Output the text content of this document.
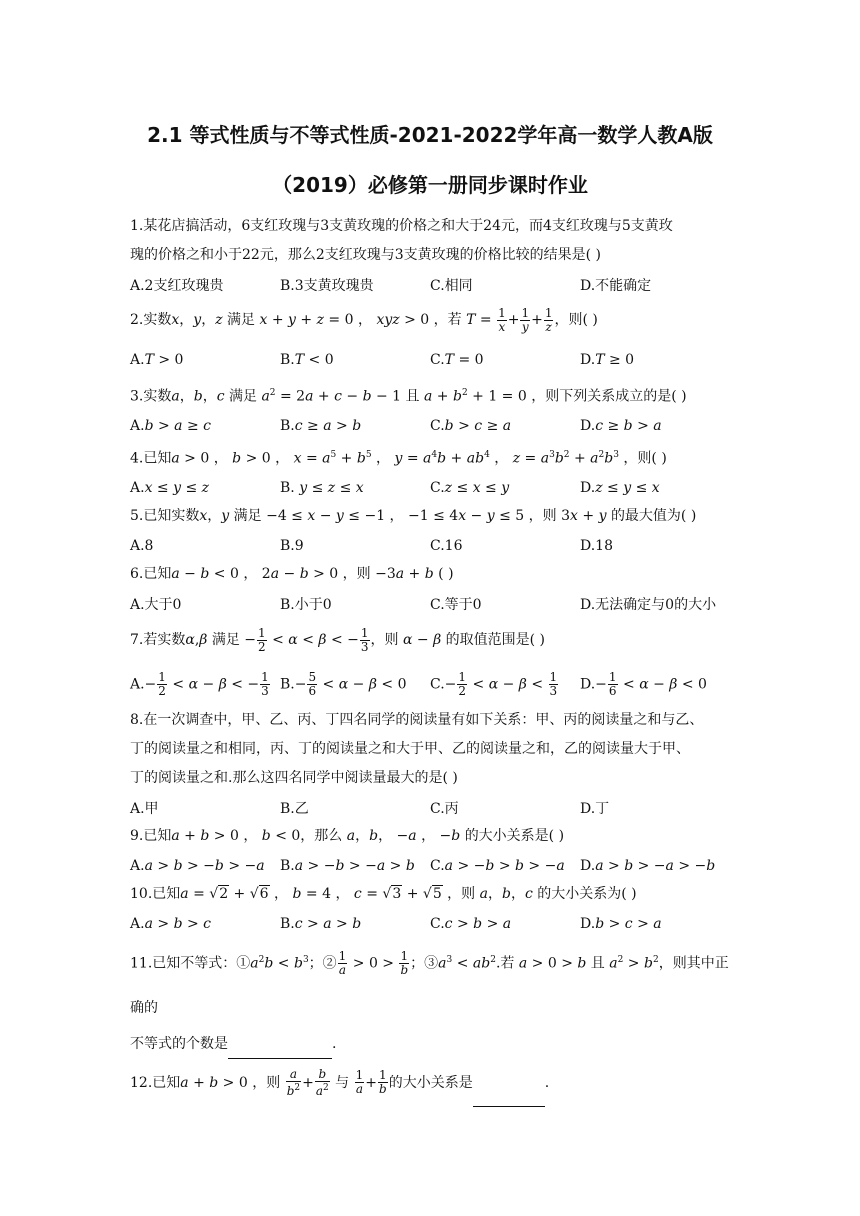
2.1 等式性质与不等式性质-2021-2022学年高一数学人教A版
（2019）必修第一册同步课时作业
1.某花店搞活动，6支红玫瑰与3支黄玫瑰的价格之和大于24元，而4支红玫瑰与5支黄玫
瑰的价格之和小于22元，那么2支红玫瑰与3支黄玫瑰的价格比较的结果是( )
A.2支红玫瑰贵	B.3支黄玫瑰贵	C.相同	D.不能确定
2.实数x，y，z 满足 x + y + z = 0 ， xyz > 0 ，若 $T = \frac{1}{x} + \frac{1}{y} + \frac{1}{z}$ ，则( )
A.T > 0	B.T < 0	C.T = 0	D.T ≥ 0
3.实数a，b，c 满足 $a^2 = 2a + c - b - 1$ 且 $a + b^2 + 1 = 0$ ，则下列关系成立的是( )
A.b > a ≥ c	B.c ≥ a > b	C.b > c ≥ a	D.c ≥ b > a
4.已知a > 0 ， b > 0 ， $x = a^5 + b^5$ ， $y = a^4b + ab^4$ ， $z = a^3b^2 + a^2b^3$ ，则( )
A.x ≤ y ≤ z	B. y ≤ z ≤ x	C.z ≤ x ≤ y	D.z ≤ y ≤ x
5.已知实数x，y 满足 −4 ≤ x − y ≤ −1 ， −1 ≤ 4x − y ≤ 5 ，则 3x + y 的最大值为( )
A.8	B.9	C.16	D.18
6.已知a − b < 0 ， 2a − b > 0 ，则 −3a + b ( )
A.大于0	B.小于0	C.等于0	D.无法确定与0的大小
7.若实数α,β 满足 − $\frac{1}{2} < \alpha < \beta$ < − $\frac{1}{3}$ ，则 α − β 的取值范围是( )
$A.- \frac{1}{2} < \alpha - \beta$ < − $\frac{1}{3} B.- \frac{5}{6} < \alpha - \beta < 0$	$C.- \frac{1}{2} < \alpha - \beta < \frac{1}{3} D.- \frac{1}{6} < \alpha - \beta < 0$
8.在一次调查中，甲、乙、丙、丁四名同学的阅读量有如下关系：甲、丙的阅读量之和与乙、
丁的阅读量之和相同，丙、丁的阅读量之和大于甲、乙的阅读量之和，乙的阅读量大于甲、
丁的阅读量之和.那么这四名同学中阅读量最大的是( )
A.甲	B.乙	C.丙	D.丁
9.已知a + b > 0 ， b < 0，那么 a，b， −a ， −b 的大小关系是( )
A.a > b > −b > −a	B.a > −b > −a > b	C.a > −b > b > −a	D.a > b > −a > −b
10.已知a = √2 + √6 ， b = 4 ， c = √3 + √5 ，则 a，b，c 的大小关系为( )
A.a > b > c	B.c > a > b	C.c > b > a	D.b > c > a
11.已知不等式：$①a^2b < b^3$；② $\frac{1}{a} > 0 > \frac{1}{b}$ ；$③a^3 < ab^2$.若 a > 0 > b 且 $a^2 > b^2$，则其中正确的
不等式的个数是	.
12.已知a + b > 0 ，则 $\frac{a}{b^2} + \frac{b}{a^2}$ 与 $\frac{1}{a} + \frac{1}{b}$ 的大小关系是	.
